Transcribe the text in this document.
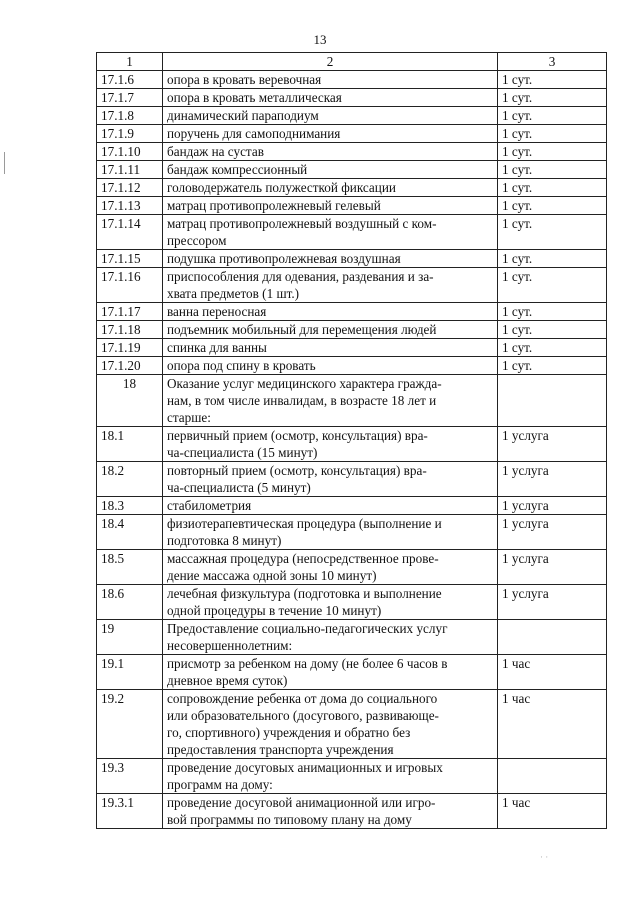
13
· ·
1	2	3
17.1.6	опора в кровать веревочная	1 сут.
17.1.7	опора в кровать металлическая	1 сут.
17.1.8	динамический парaподиум	1 сут.
17.1.9	поручень для самоподнимания	1 сут.
17.1.10	бандаж на сустав	1 сут.
17.1.11	бандаж компрессионный	1 сут.
17.1.12	головодержатель полужесткой фиксации	1 сут.
17.1.13	матрац противопролежневый гелевый	1 сут.
17.1.14	матрац противопролежневый воздушный с ком-
прессором	1 сут.
17.1.15	подушка противопролежневая воздушная	1 сут.
17.1.16	приспособления для одевания, раздевания и за-
хвата предметов (1 шт.)	1 сут.
17.1.17	ванна переносная	1 сут.
17.1.18	подъемник мобильный для перемещения людей	1 сут.
17.1.19	спинка для ванны	1 сут.
17.1.20	опора под спину в кровать	1 сут.
18	Оказание услуг медицинского характера гражда-
нам, в том числе инвалидам, в возрасте 18 лет и
старше:	
18.1	первичный прием (осмотр, консультация) вра-
ча-специалиста (15 минут)	1 услуга
18.2	повторный прием (осмотр, консультация) вра-
ча-специалиста (5 минут)	1 услуга
18.3	стабилометрия	1 услуга
18.4	физиотерапевтическая процедура (выполнение и
подготовка 8 минут)	1 услуга
18.5	массажная процедура (непосредственное прове-
дение массажа одной зоны 10 минут)	1 услуга
18.6	лечебная физкультура (подготовка и выполнение
одной процедуры в течение 10 минут)	1 услуга
19	Предоставление социально-педагогических услуг
несовершеннолетним:	
19.1	присмотр за ребенком на дому (не более 6 часов в
дневное время суток)	1 час
19.2	сопровождение ребенка от дома до социального
или образовательного (досугового, развивающе-
го, спортивного) учреждения и обратно без
предоставления транспорта учреждения	1 час
19.3	проведение досуговых анимационных и игровых
программ на дому:	
19.3.1	проведение досуговой анимационной или игро-
вой программы по типовому плану на дому	1 час
